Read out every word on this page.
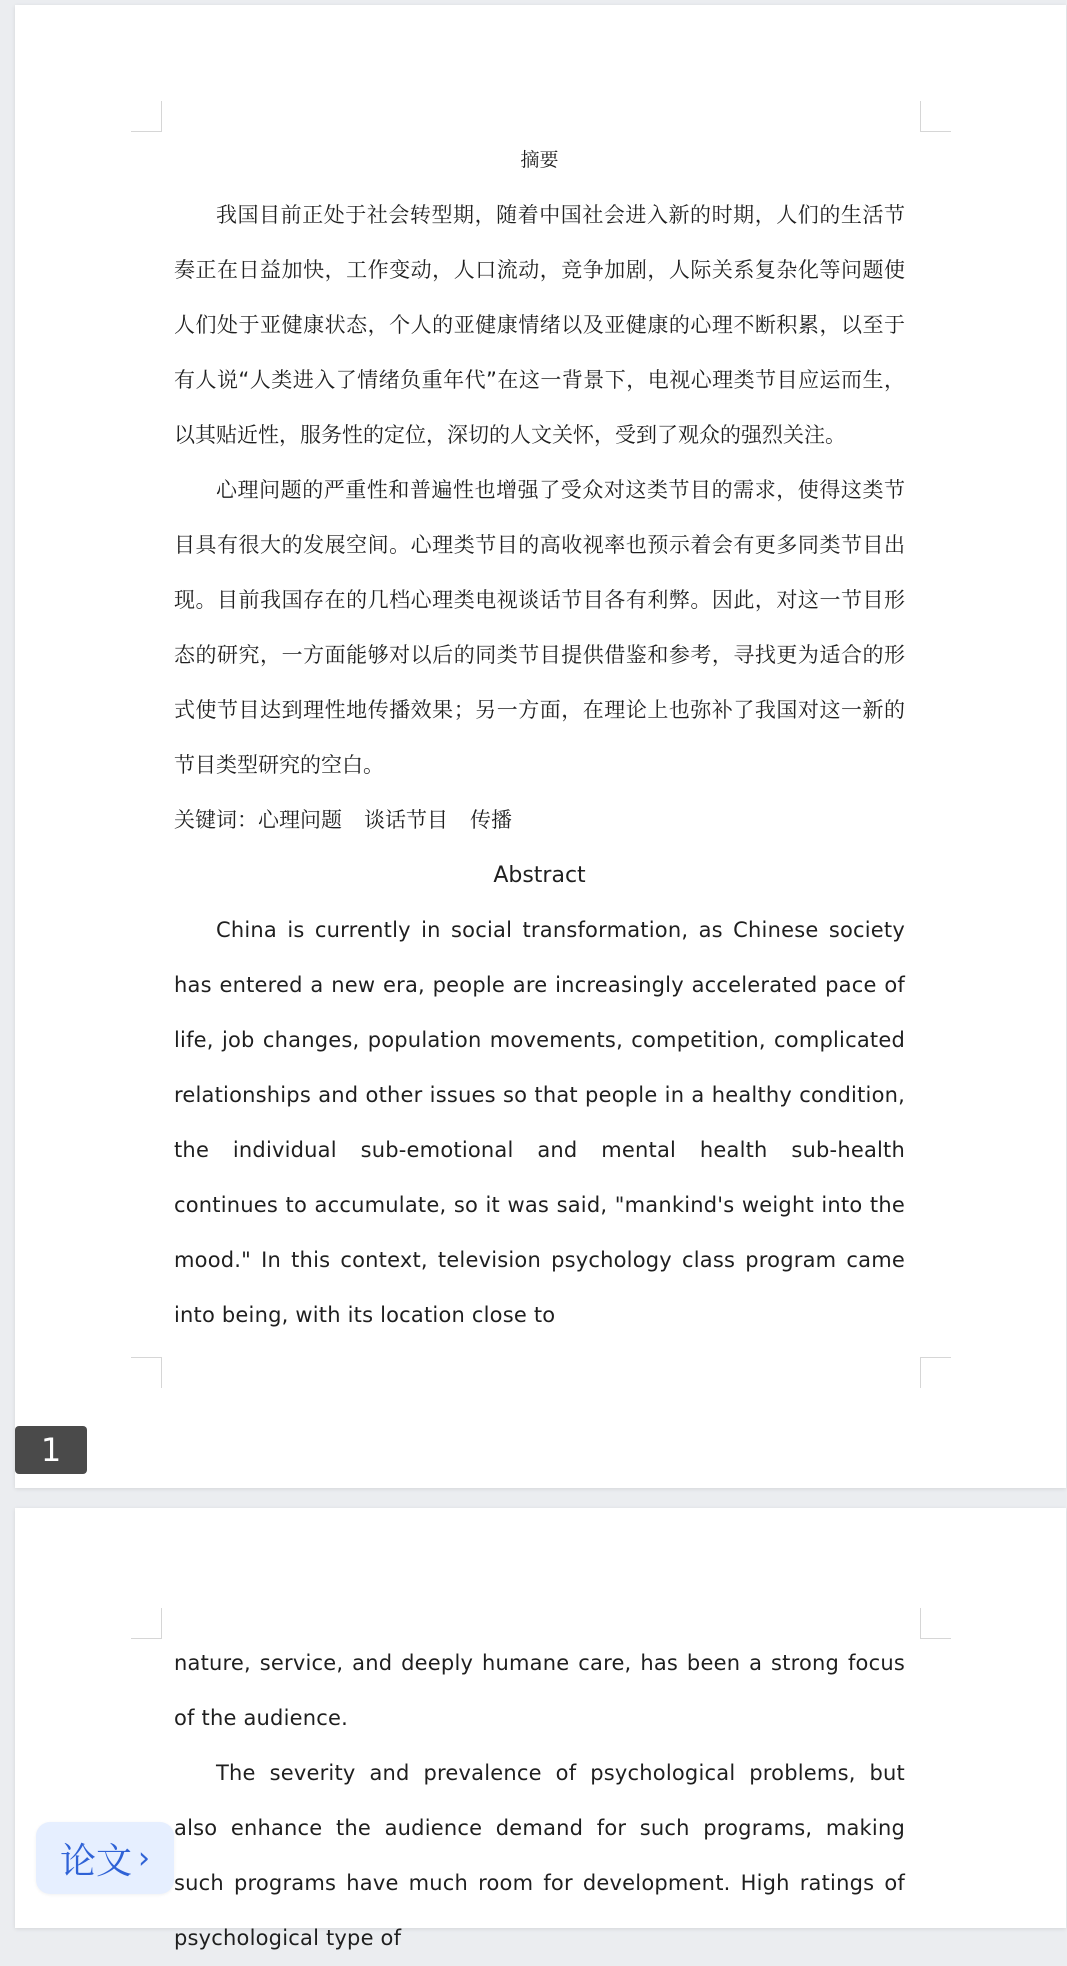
摘要

我国目前正处于社会转型期，随着中国社会进入新的时期，人们的生活节奏正在日益加快，工作变动，人口流动，竞争加剧，人际关系复杂化等问题使人们处于亚健康状态，个人的亚健康情绪以及亚健康的心理不断积累，以至于有人说“人类进入了情绪负重年代”在这一背景下，电视心理类节目应运而生，以其贴近性，服务性的定位，深切的人文关怀，受到了观众的强烈关注。

心理问题的严重性和普遍性也增强了受众对这类节目的需求，使得这类节目具有很大的发展空间。心理类节目的高收视率也预示着会有更多同类节目出现。目前我国存在的几档心理类电视谈话节目各有利弊。因此，对这一节目形态的研究，一方面能够对以后的同类节目提供借鉴和参考，寻找更为适合的形式使节目达到理性地传播效果；另一方面，在理论上也弥补了我国对这一新的节目类型研究的空白。

关键词：心理问题 谈话节目 传播

Abstract

China is currently in social transformation, as Chinese society has entered a new era, people are increasingly accelerated pace of life, job changes, population movements, competition, complicated relationships and other issues so that people in a healthy condition, the individual sub-emotional and mental health sub-health continues to accumulate, so it was said, "mankind's weight into the mood." In this context, television psychology class program came into being, with its location close to

1

nature, service, and deeply humane care, has been a strong focus of the audience.

The severity and prevalence of psychological problems, but also enhance the audience demand for such programs, making such programs have much room for development. High ratings of psychological type of

论文 ›
